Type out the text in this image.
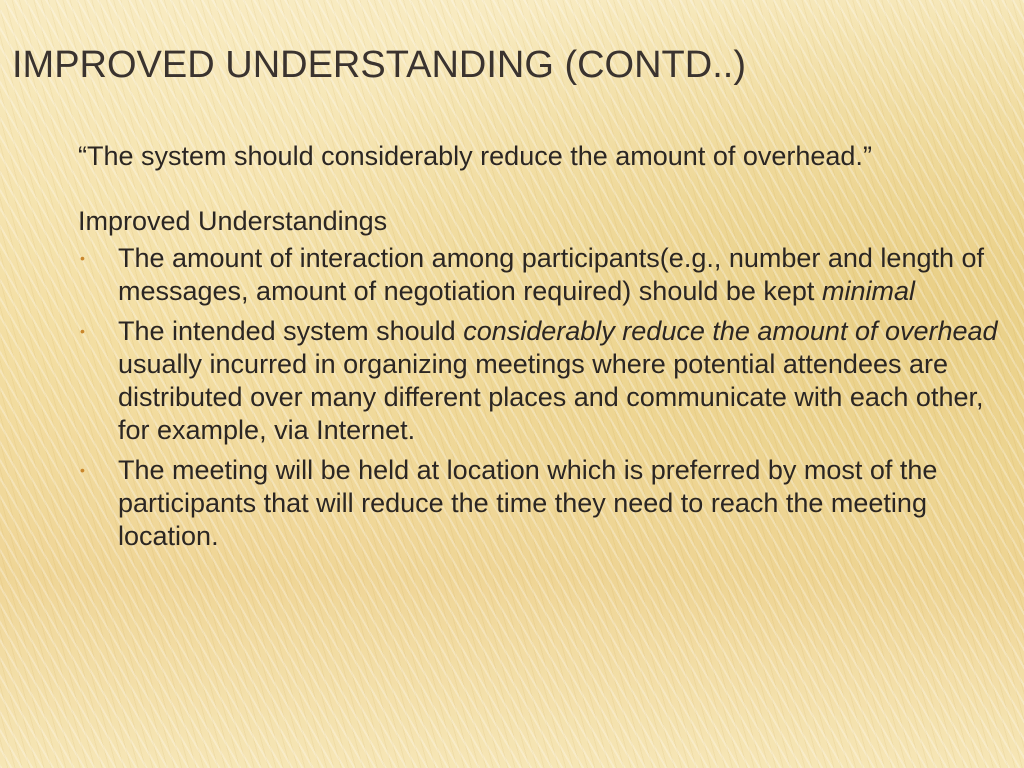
IMPROVED UNDERSTANDING (CONTD..)

“The system should considerably reduce the amount of overhead.”

Improved Understandings

• The amount of interaction among participants(e.g., number and length of messages, amount of negotiation required) should be kept minimal
• The intended system should considerably reduce the amount of overhead usually incurred in organizing meetings where potential attendees are distributed over many different places and communicate with each other, for example, via Internet.
• The meeting will be held at location which is preferred by most of the participants that will reduce the time they need to reach the meeting location.
